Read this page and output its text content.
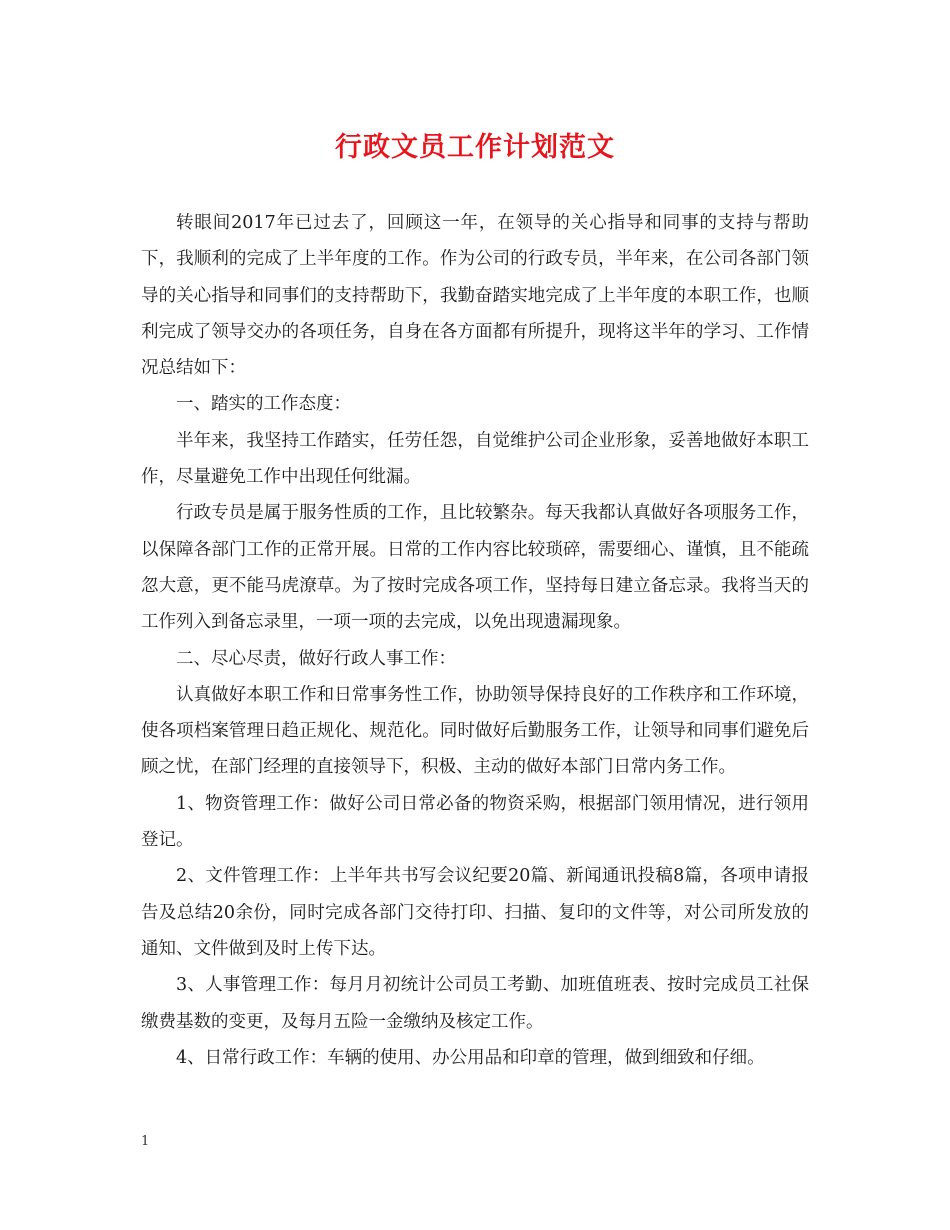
行政文员工作计划范文

转眼间2017年已过去了，回顾这一年，在领导的关心指导和同事的支持与帮助下，我顺利的完成了上半年度的工作。作为公司的行政专员，半年来，在公司各部门领导的关心指导和同事们的支持帮助下，我勤奋踏实地完成了上半年度的本职工作，也顺利完成了领导交办的各项任务，自身在各方面都有所提升，现将这半年的学习、工作情况总结如下：

一、踏实的工作态度：

半年来，我坚持工作踏实，任劳任怨，自觉维护公司企业形象，妥善地做好本职工作，尽量避免工作中出现任何纰漏。

行政专员是属于服务性质的工作，且比较繁杂。每天我都认真做好各项服务工作，以保障各部门工作的正常开展。日常的工作内容比较琐碎，需要细心、谨慎，且不能疏忽大意，更不能马虎潦草。为了按时完成各项工作，坚持每日建立备忘录。我将当天的工作列入到备忘录里，一项一项的去完成，以免出现遗漏现象。

二、尽心尽责，做好行政人事工作：

认真做好本职工作和日常事务性工作，协助领导保持良好的工作秩序和工作环境，使各项档案管理日趋正规化、规范化。同时做好后勤服务工作，让领导和同事们避免后顾之忧，在部门经理的直接领导下，积极、主动的做好本部门日常内务工作。

1、物资管理工作：做好公司日常必备的物资采购，根据部门领用情况，进行领用登记。

2、文件管理工作：上半年共书写会议纪要20篇、新闻通讯投稿8篇，各项申请报告及总结20余份，同时完成各部门交待打印、扫描、复印的文件等，对公司所发放的通知、文件做到及时上传下达。

3、人事管理工作：每月月初统计公司员工考勤、加班值班表、按时完成员工社保缴费基数的变更，及每月五险一金缴纳及核定工作。

4、日常行政工作：车辆的使用、办公用品和印章的管理，做到细致和仔细。

1
